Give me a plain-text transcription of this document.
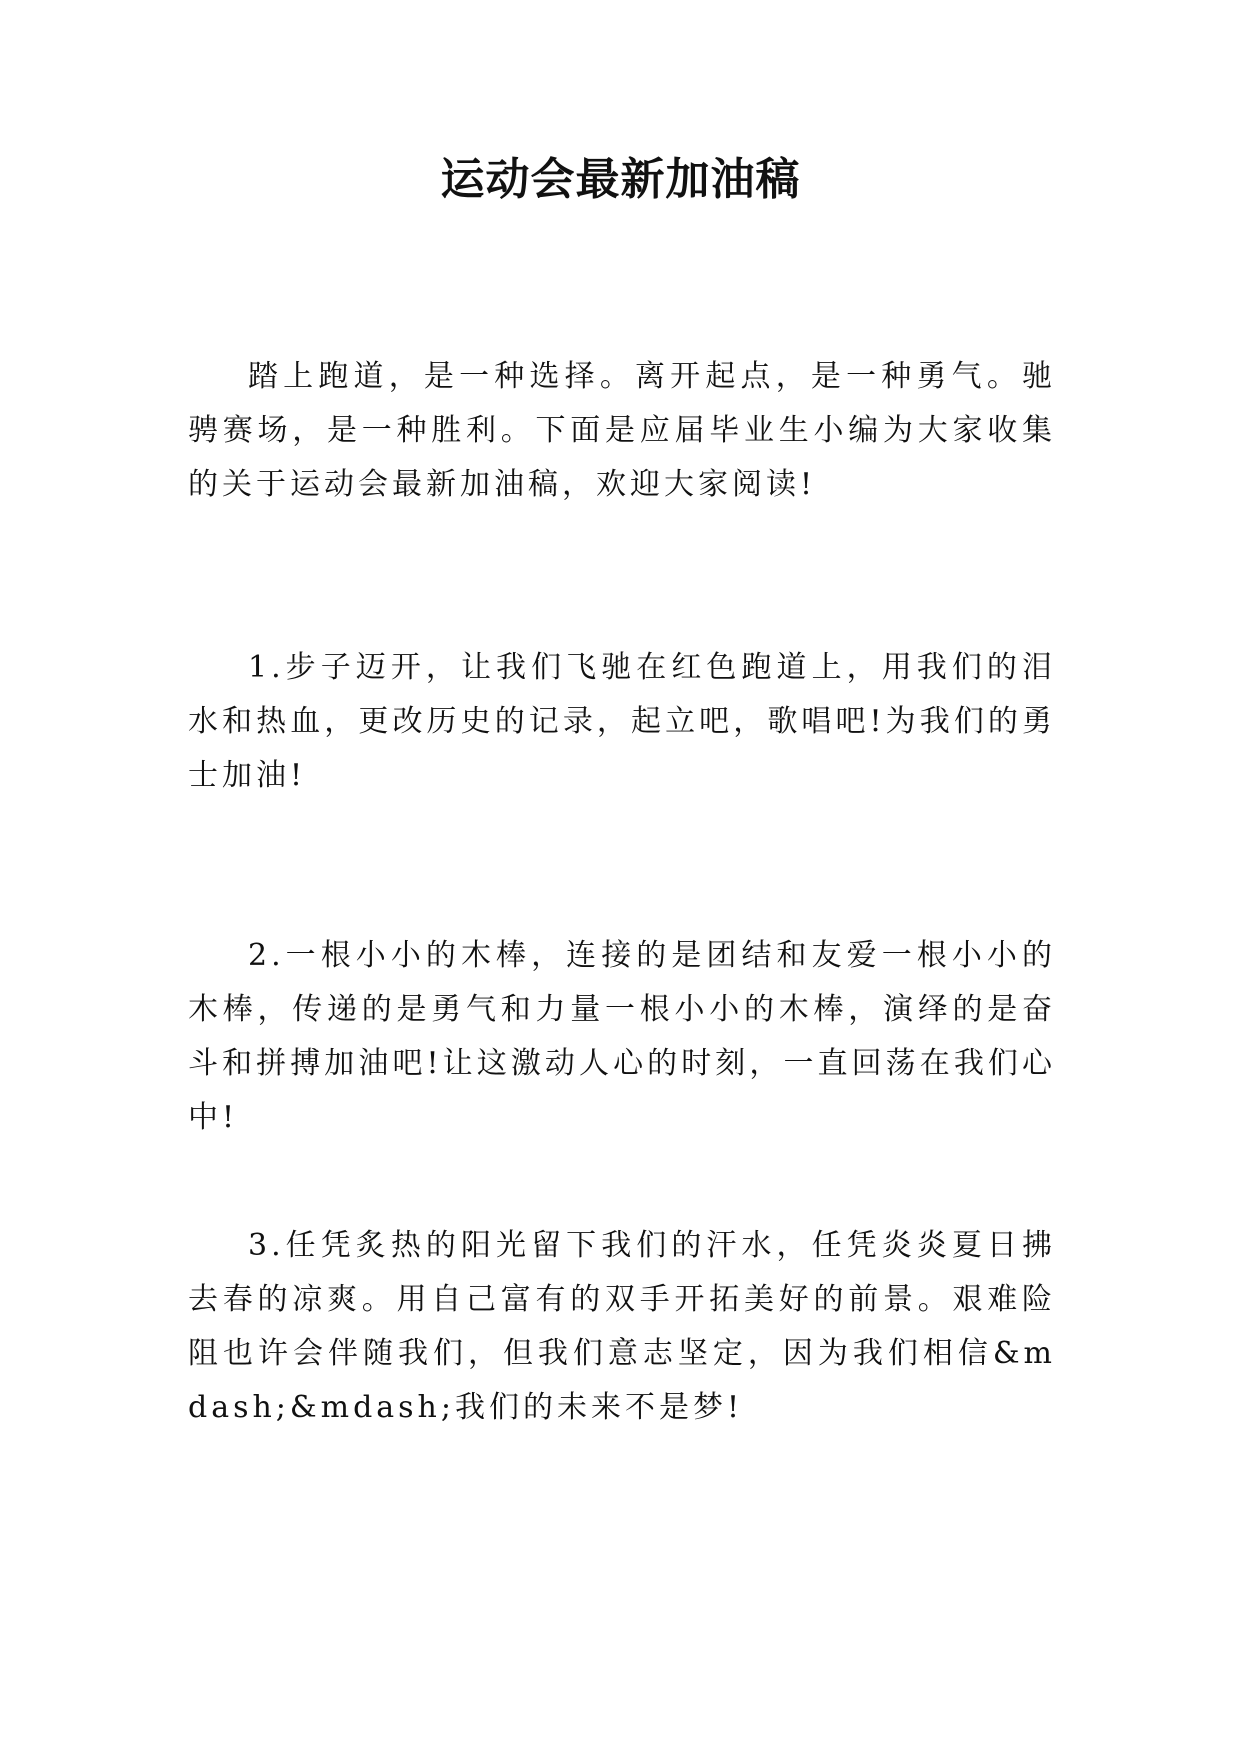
运动会最新加油稿

踏上跑道，是一种选择。离开起点，是一种勇气。驰骋赛场，是一种胜利。下面是应届毕业生小编为大家收集的关于运动会最新加油稿，欢迎大家阅读!

1.步子迈开，让我们飞驰在红色跑道上，用我们的泪水和热血，更改历史的记录，起立吧，歌唱吧!为我们的勇士加油!

2.一根小小的木棒，连接的是团结和友爱一根小小的木棒，传递的是勇气和力量一根小小的木棒，演绎的是奋斗和拼搏加油吧!让这激动人心的时刻，一直回荡在我们心中!

3.任凭炙热的阳光留下我们的汗水，任凭炎炎夏日拂去春的凉爽。用自己富有的双手开拓美好的前景。艰难险阻也许会伴随我们，但我们意志坚定，因为我们相信&mdash;&mdash;我们的未来不是梦!
